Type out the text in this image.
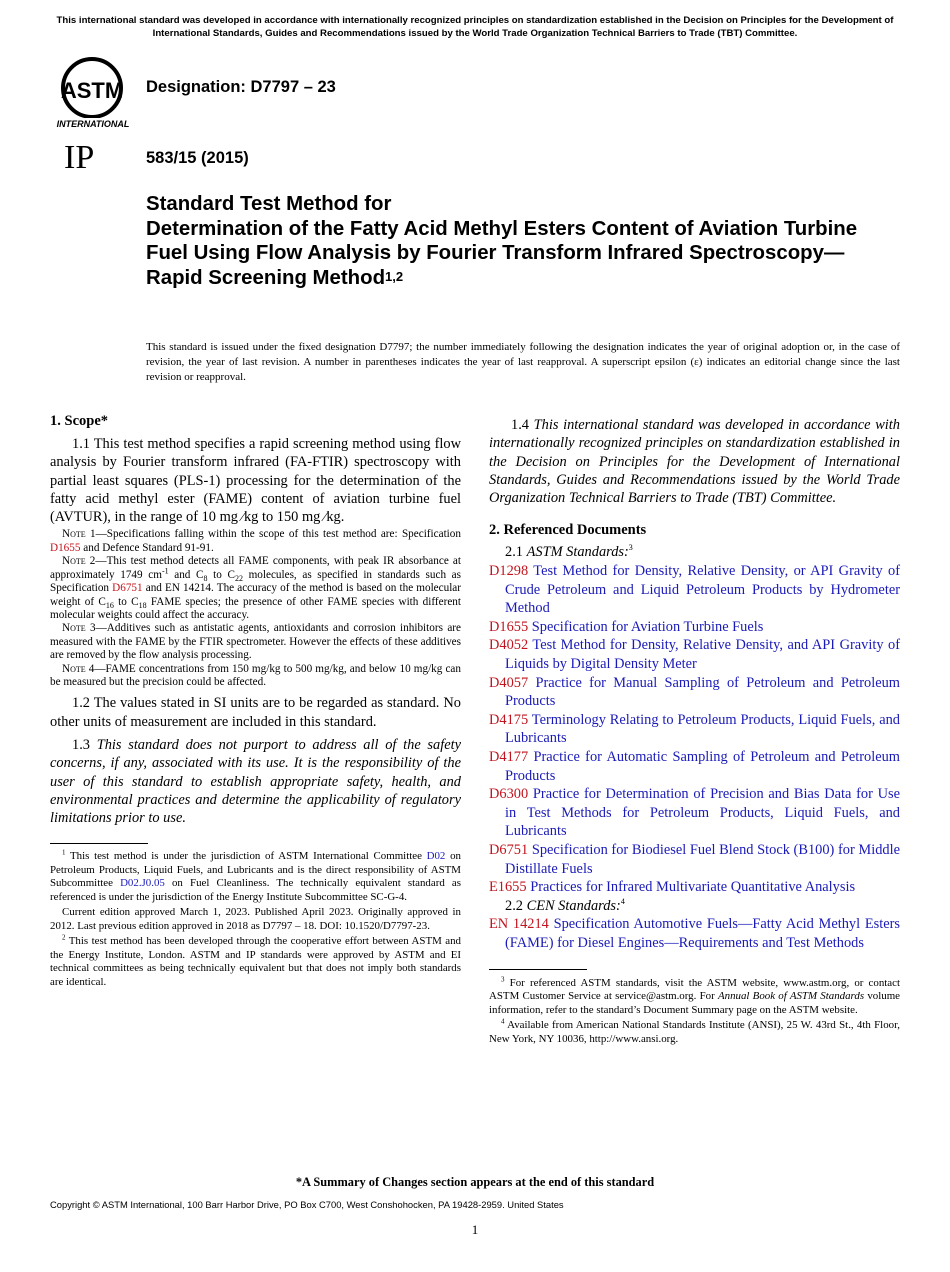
This international standard was developed in accordance with internationally recognized principles on standardization established in the Decision on Principles for the Development of International Standards, Guides and Recommendations issued by the World Trade Organization Technical Barriers to Trade (TBT) Committee.
ASTM
INTERNATIONAL
IP
Designation: D7797 – 23
583/15 (2015)
Standard Test Method for
Determination of the Fatty Acid Methyl Esters Content of Aviation Turbine Fuel Using Flow Analysis by Fourier Transform Infrared Spectroscopy—Rapid Screening Method$^{1,2}$
This standard is issued under the fixed designation D7797; the number immediately following the designation indicates the year of original adoption or, in the case of revision, the year of last revision. A number in parentheses indicates the year of last reapproval. A superscript epsilon (ε) indicates an editorial change since the last revision or reapproval.

1. Scope*

1.1 This test method specifies a rapid screening method using flow analysis by Fourier transform infrared (FA-FTIR) spectroscopy with partial least squares (PLS-1) processing for the determination of the fatty acid methyl ester (FAME) content of aviation turbine fuel (AVTUR), in the range of 10 mg ⁄kg to 150 mg ⁄kg.

Note 1—Specifications falling within the scope of this test method are: Specification D1655 and Defence Standard 91-91.

Note 2—This test method detects all FAME components, with peak IR absorbance at approximately 1749 $cm^{-1}$ and $C_8$ to $C_{22}$ molecules, as specified in standards such as Specification D6751 and EN 14214. The accuracy of the method is based on the molecular weight of $C_{16}$ to $C_{18}$ FAME species; the presence of other FAME species with different molecular weights could affect the accuracy.

Note 3—Additives such as antistatic agents, antioxidants and corrosion inhibitors are measured with the FAME by the FTIR spectrometer. However the effects of these additives are removed by the flow analysis processing.

Note 4—FAME concentrations from 150 mg/kg to 500 mg/kg, and below 10 mg/kg can be measured but the precision could be affected.

1.2 The values stated in SI units are to be regarded as standard. No other units of measurement are included in this standard.

1.3 This standard does not purport to address all of the safety concerns, if any, associated with its use. It is the responsibility of the user of this standard to establish appropriate safety, health, and environmental practices and determine the applicability of regulatory limitations prior to use.

$^1$ This test method is under the jurisdiction of ASTM International Committee D02 on Petroleum Products, Liquid Fuels, and Lubricants and is the direct responsibility of ASTM Subcommittee D02.J0.05 on Fuel Cleanliness. The technically equivalent standard as referenced is under the jurisdiction of the Energy Institute Subcommittee SC-G-4.

Current edition approved March 1, 2023. Published April 2023. Originally approved in 2012. Last previous edition approved in 2018 as D7797 – 18. DOI: 10.1520/D7797-23.

$^2$ This test method has been developed through the cooperative effort between ASTM and the Energy Institute, London. ASTM and IP standards were approved by ASTM and EI technical committees as being technically equivalent but that does not imply both standards are identical.

1.4 This international standard was developed in accordance with internationally recognized principles on standardization established in the Decision on Principles for the Development of International Standards, Guides and Recommendations issued by the World Trade Organization Technical Barriers to Trade (TBT) Committee.

2. Referenced Documents

2.1 ASTM Standards:$^3$

D1298 Test Method for Density, Relative Density, or API Gravity of Crude Petroleum and Liquid Petroleum Products by Hydrometer Method

D1655 Specification for Aviation Turbine Fuels

D4052 Test Method for Density, Relative Density, and API Gravity of Liquids by Digital Density Meter

D4057 Practice for Manual Sampling of Petroleum and Petroleum Products

D4175 Terminology Relating to Petroleum Products, Liquid Fuels, and Lubricants

D4177 Practice for Automatic Sampling of Petroleum and Petroleum Products

D6300 Practice for Determination of Precision and Bias Data for Use in Test Methods for Petroleum Products, Liquid Fuels, and Lubricants

D6751 Specification for Biodiesel Fuel Blend Stock (B100) for Middle Distillate Fuels

E1655 Practices for Infrared Multivariate Quantitative Analysis

2.2 CEN Standards:$^4$

EN 14214 Specification Automotive Fuels—Fatty Acid Methyl Esters (FAME) for Diesel Engines—Requirements and Test Methods

$^3$ For referenced ASTM standards, visit the ASTM website, www.astm.org, or contact ASTM Customer Service at service@astm.org. For Annual Book of ASTM Standards volume information, refer to the standard’s Document Summary page on the ASTM website.

$^4$ Available from American National Standards Institute (ANSI), 25 W. 43rd St., 4th Floor, New York, NY 10036, http://www.ansi.org.

*A Summary of Changes section appears at the end of this standard
Copyright © ASTM International, 100 Barr Harbor Drive, PO Box C700, West Conshohocken, PA 19428-2959. United States
1
